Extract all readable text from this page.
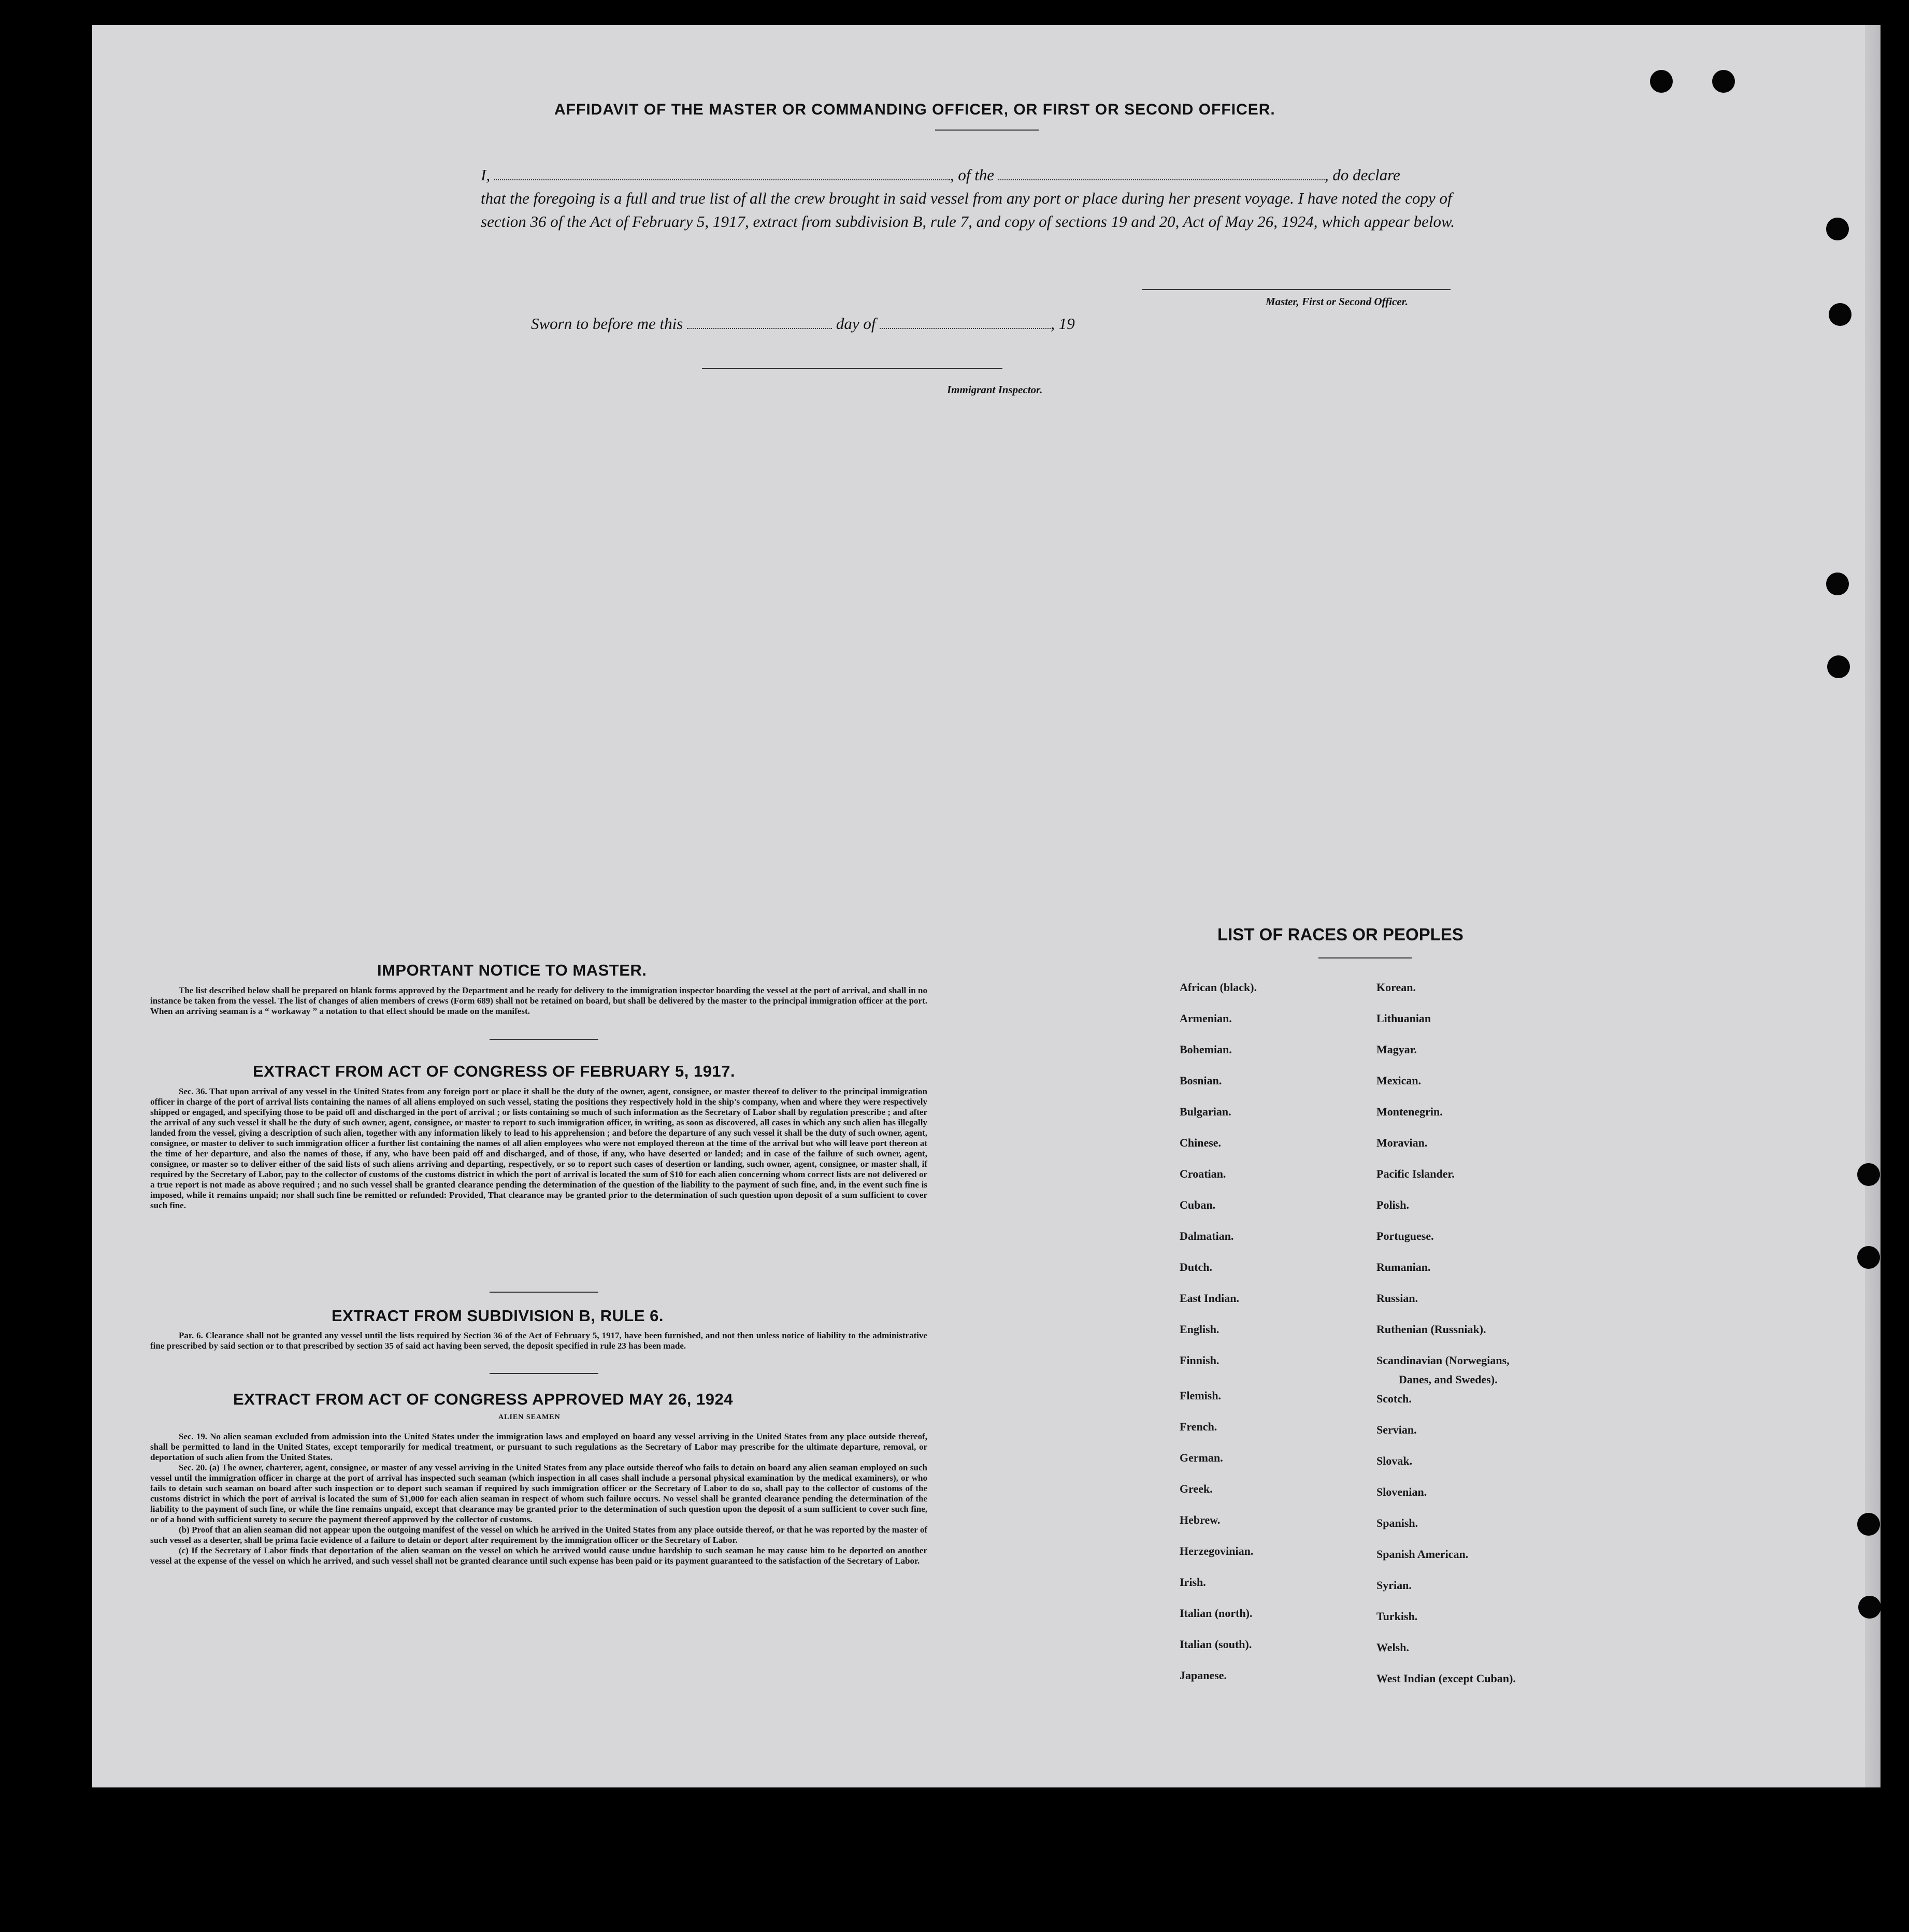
AFFIDAVIT OF THE MASTER OR COMMANDING OFFICER, OR FIRST OR SECOND OFFICER.
I,	, of the	, do declare
that the foregoing is a full and true list of all the crew brought in said vessel from any port or place during her present voyage. I have noted the copy of section 36 of the Act of February 5, 1917, extract from subdivision B, rule 7, and copy of sections 19 and 20, Act of May 26, 1924, which appear below.
Master, First or Second Officer.
Sworn to before me this	day of	, 19
Immigrant Inspector.
IMPORTANT NOTICE TO MASTER.

The list described below shall be prepared on blank forms approved by the Department and be ready for delivery to the immigration inspector boarding the vessel at the port of arrival, and shall in no instance be taken from the vessel. The list of changes of alien members of crews (Form 689) shall not be retained on board, but shall be delivered by the master to the principal immigration officer at the port. When an arriving seaman is a “ workaway ” a notation to that effect should be made on the manifest.

EXTRACT FROM ACT OF CONGRESS OF FEBRUARY 5, 1917.

Sec. 36. That upon arrival of any vessel in the United States from any foreign port or place it shall be the duty of the owner, agent, consignee, or master thereof to deliver to the principal immigration officer in charge of the port of arrival lists containing the names of all aliens employed on such vessel, stating the positions they respectively hold in the ship's company, when and where they were respectively shipped or engaged, and specifying those to be paid off and discharged in the port of arrival ; or lists containing so much of such information as the Secretary of Labor shall by regulation prescribe ; and after the arrival of any such vessel it shall be the duty of such owner, agent, consignee, or master to report to such immigration officer, in writing, as soon as discovered, all cases in which any such alien has illegally landed from the vessel, giving a description of such alien, together with any information likely to lead to his apprehension ; and before the departure of any such vessel it shall be the duty of such owner, agent, consignee, or master to deliver to such immigration officer a further list containing the names of all alien employees who were not employed thereon at the time of the arrival but who will leave port thereon at the time of her departure, and also the names of those, if any, who have been paid off and discharged, and of those, if any, who have deserted or landed; and in case of the failure of such owner, agent, consignee, or master so to deliver either of the said lists of such aliens arriving and departing, respectively, or so to report such cases of desertion or landing, such owner, agent, consignee, or master shall, if required by the Secretary of Labor, pay to the collector of customs of the customs district in which the port of arrival is located the sum of $10 for each alien concerning whom correct lists are not delivered or a true report is not made as above required ; and no such vessel shall be granted clearance pending the determination of the question of the liability to the payment of such fine, and, in the event such fine is imposed, while it remains unpaid; nor shall such fine be remitted or refunded: Provided, That clearance may be granted prior to the determination of such question upon deposit of a sum sufficient to cover such fine.

EXTRACT FROM SUBDIVISION B, RULE 6.

Par. 6. Clearance shall not be granted any vessel until the lists required by Section 36 of the Act of February 5, 1917, have been furnished, and not then unless notice of liability to the administrative fine prescribed by said section or to that prescribed by section 35 of said act having been served, the deposit specified in rule 23 has been made.

EXTRACT FROM ACT OF CONGRESS APPROVED MAY 26, 1924
ALIEN SEAMEN

Sec. 19. No alien seaman excluded from admission into the United States under the immigration laws and employed on board any vessel arriving in the United States from any place outside thereof, shall be permitted to land in the United States, except temporarily for medical treatment, or pursuant to such regulations as the Secretary of Labor may prescribe for the ultimate departure, removal, or deportation of such alien from the United States.

Sec. 20. (a) The owner, charterer, agent, consignee, or master of any vessel arriving in the United States from any place outside thereof who fails to detain on board any alien seaman employed on such vessel until the immigration officer in charge at the port of arrival has inspected such seaman (which inspection in all cases shall include a personal physical examination by the medical examiners), or who fails to detain such seaman on board after such inspection or to deport such seaman if required by such immigration officer or the Secretary of Labor to do so, shall pay to the collector of customs of the customs district in which the port of arrival is located the sum of $1,000 for each alien seaman in respect of whom such failure occurs. No vessel shall be granted clearance pending the determination of the liability to the payment of such fine, or while the fine remains unpaid, except that clearance may be granted prior to the determination of such question upon the deposit of a sum sufficient to cover such fine, or of a bond with sufficient surety to secure the payment thereof approved by the collector of customs.

(b) Proof that an alien seaman did not appear upon the outgoing manifest of the vessel on which he arrived in the United States from any place outside thereof, or that he was reported by the master of such vessel as a deserter, shall be prima facie evidence of a failure to detain or deport after requirement by the immigration officer or the Secretary of Labor.

(c) If the Secretary of Labor finds that deportation of the alien seaman on the vessel on which he arrived would cause undue hardship to such seaman he may cause him to be deported on another vessel at the expense of the vessel on which he arrived, and such vessel shall not be granted clearance until such expense has been paid or its payment guaranteed to the satisfaction of the Secretary of Labor.

LIST OF RACES OR PEOPLES
African (black).
Armenian.
Bohemian.
Bosnian.
Bulgarian.
Chinese.
Croatian.
Cuban.
Dalmatian.
Dutch.
East Indian.
English.
Finnish.
Flemish.
French.
German.
Greek.
Hebrew.
Herzegovinian.
Irish.
Italian (north).
Italian (south).
Japanese.
Korean.
Lithuanian
Magyar.
Mexican.
Montenegrin.
Moravian.
Pacific Islander.
Polish.
Portuguese.
Rumanian.
Russian.
Ruthenian (Russniak).
Scandinavian (Norwegians,
Scotch.
Servian.
Slovak.
Slovenian.
Spanish.
Spanish American.
Syrian.
Turkish.
Welsh.
West Indian (except Cuban).
Danes, and Swedes).
